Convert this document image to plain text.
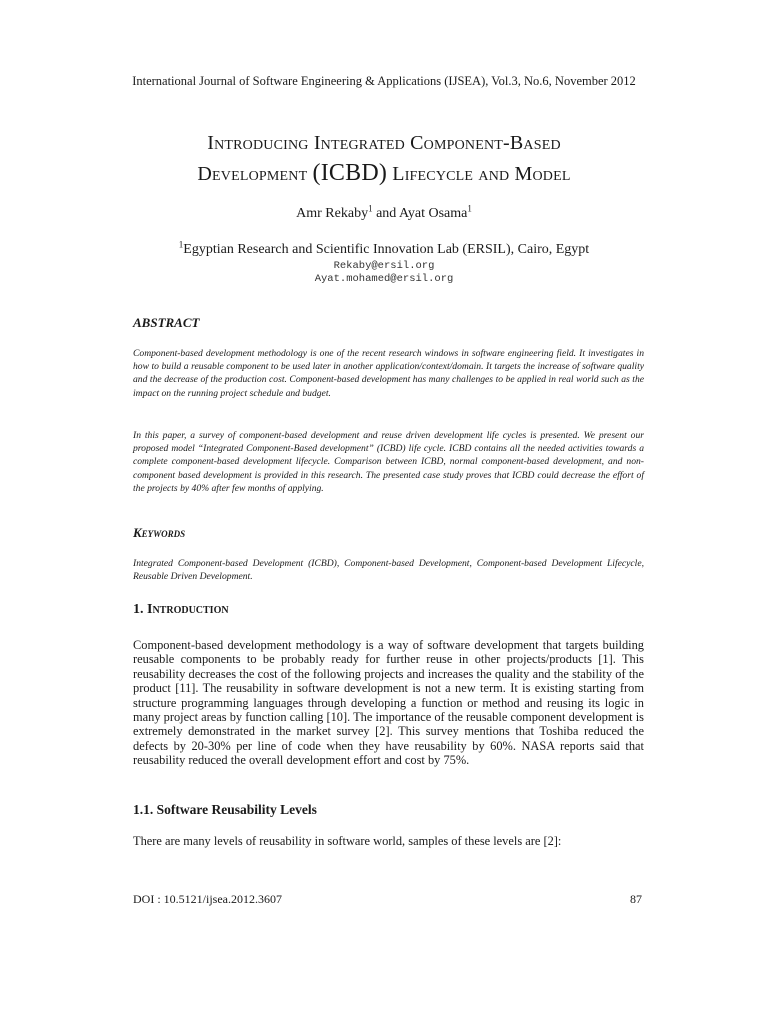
International Journal of Software Engineering & Applications (IJSEA), Vol.3, No.6, November 2012
Introducing Integrated Component-Based
Development (ICBD) Lifecycle and Model
Amr Rekaby$^1$ and Ayat Osama$^1$
$^1$Egyptian Research and Scientific Innovation Lab (ERSIL), Cairo, Egypt
Rekaby@ersil.org
Ayat.mohamed@ersil.org
ABSTRACT

Component-based development methodology is one of the recent research windows in software engineering field. It investigates in how to build a reusable component to be used later in another application/context/domain. It targets the increase of software quality and the decrease of the production cost. Component-based development has many challenges to be applied in real world such as the impact on the running project schedule and budget.

In this paper, a survey of component-based development and reuse driven development life cycles is presented. We present our proposed model “Integrated Component-Based development” (ICBD) life cycle. ICBD contains all the needed activities towards a complete component-based development lifecycle. Comparison between ICBD, normal component-based development, and non-component based development is provided in this research. The presented case study proves that ICBD could decrease the effort of the projects by 40% after few months of applying.

Keywords

Integrated Component-based Development (ICBD), Component-based Development, Component-based Development Lifecycle, Reusable Driven Development.

1. Introduction

Component-based development methodology is a way of software development that targets building reusable components to be probably ready for further reuse in other projects/products [1]. This reusability decreases the cost of the following projects and increases the quality and the stability of the product [11]. The reusability in software development is not a new term. It is existing starting from structure programming languages through developing a function or method and reusing its logic in many project areas by function calling [10]. The importance of the reusable component development is extremely demonstrated in the market survey [2]. This survey mentions that Toshiba reduced the defects by 20-30% per line of code when they have reusability by 60%. NASA reports said that reusability reduced the overall development effort and cost by 75%.

1.1. Software Reusability Levels

There are many levels of reusability in software world, samples of these levels are [2]:

DOI : 10.5121/ijsea.2012.3607	87
